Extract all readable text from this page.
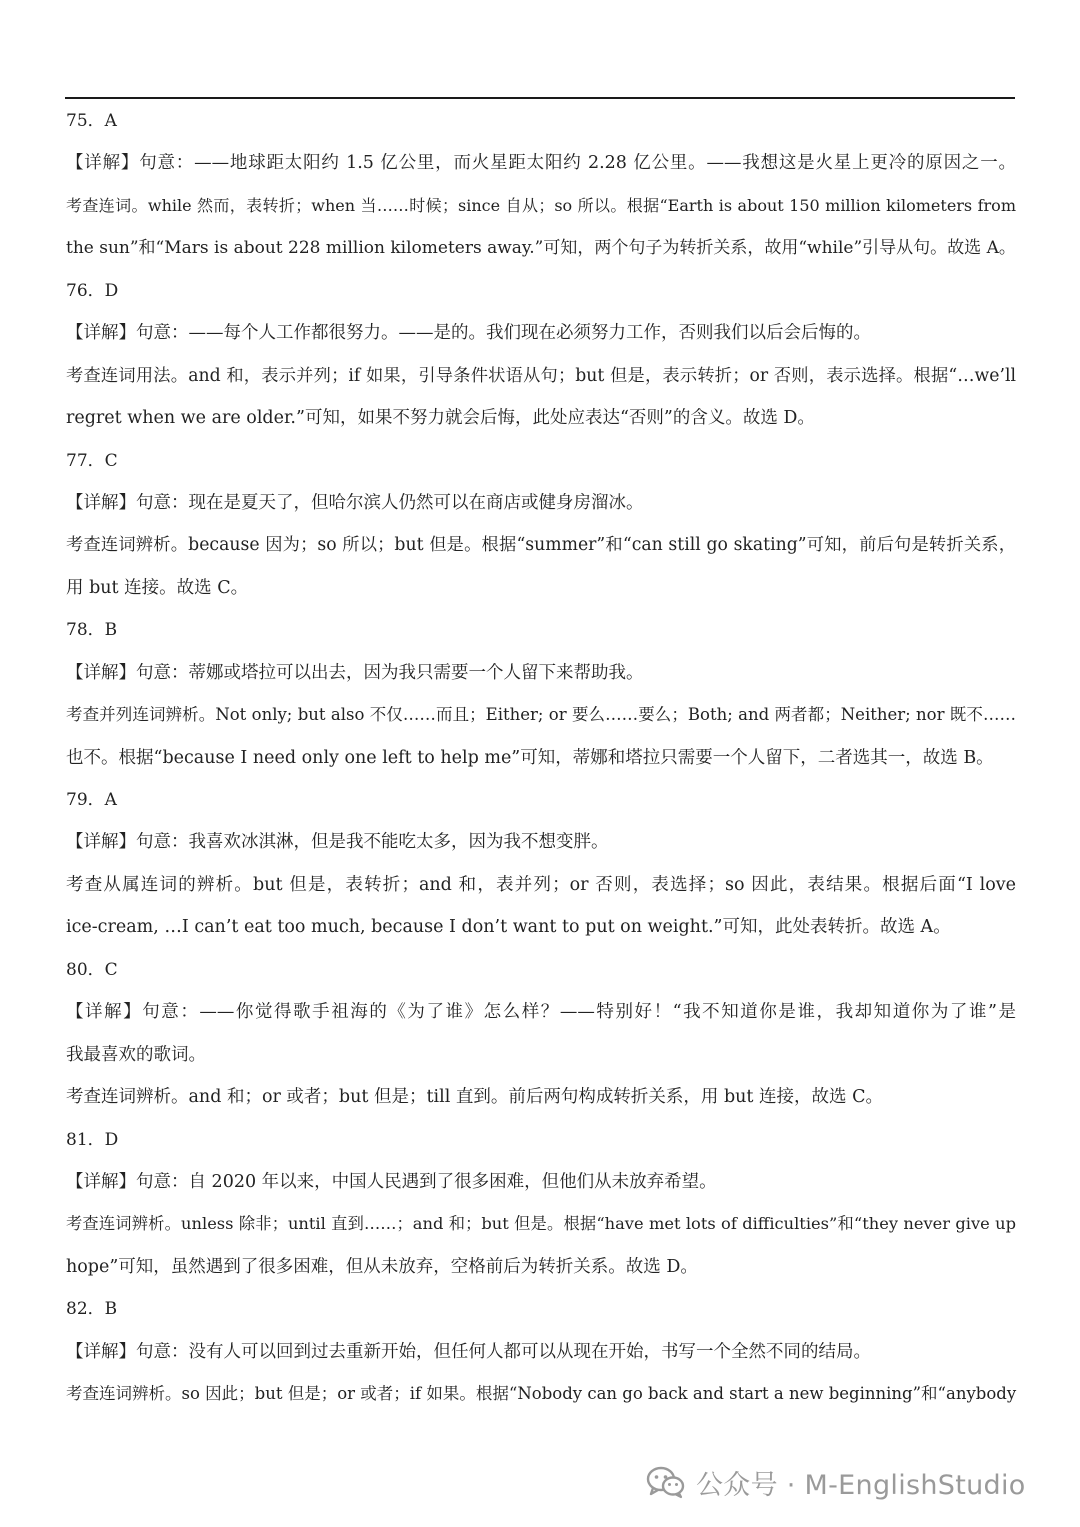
75．A
【详解】句意：——地球距太阳约 1.5 亿公里，而火星距太阳约 2.28 亿公里。——我想这是火星上更冷的原因之一。
考查连词。while 然而，表转折；when 当……时候；since 自从；so 所以。根据“Earth is about 150 million kilometers from
the sun”和“Mars is about 228 million kilometers away.”可知，两个句子为转折关系，故用“while”引导从句。故选 A。
76．D
【详解】句意：——每个人工作都很努力。——是的。我们现在必须努力工作，否则我们以后会后悔的。
考查连词用法。and 和，表示并列；if 如果，引导条件状语从句；but 但是，表示转折；or 否则，表示选择。根据“…we’ll
regret when we are older.”可知，如果不努力就会后悔，此处应表达“否则”的含义。故选 D。
77．C
【详解】句意：现在是夏天了，但哈尔滨人仍然可以在商店或健身房溜冰。
考查连词辨析。because 因为；so 所以；but 但是。根据“summer”和“can still go skating”可知，前后句是转折关系，
用 but 连接。故选 C。
78．B
【详解】句意：蒂娜或塔拉可以出去，因为我只需要一个人留下来帮助我。
考查并列连词辨析。Not only; but also 不仅……而且；Either; or 要么……要么；Both; and 两者都；Neither; nor 既不……
也不。根据“because I need only one left to help me”可知，蒂娜和塔拉只需要一个人留下，二者选其一，故选 B。
79．A
【详解】句意：我喜欢冰淇淋，但是我不能吃太多，因为我不想变胖。
考查从属连词的辨析。but 但是，表转折；and 和，表并列；or 否则，表选择；so 因此，表结果。根据后面“I love
ice-cream, …I can’t eat too much, because I don’t want to put on weight.”可知，此处表转折。故选 A。
80．C
【详解】句意：——你觉得歌手祖海的《为了谁》怎么样？——特别好！“我不知道你是谁，我却知道你为了谁”是
我最喜欢的歌词。
考查连词辨析。and 和；or 或者；but 但是；till 直到。前后两句构成转折关系，用 but 连接，故选 C。
81．D
【详解】句意：自 2020 年以来，中国人民遇到了很多困难，但他们从未放弃希望。
考查连词辨析。unless 除非；until 直到……；and 和；but 但是。根据“have met lots of difficulties”和“they never give up
hope”可知，虽然遇到了很多困难，但从未放弃，空格前后为转折关系。故选 D。
82．B
【详解】句意：没有人可以回到过去重新开始，但任何人都可以从现在开始，书写一个全然不同的结局。
考查连词辨析。so 因此；but 但是；or 或者；if 如果。根据“Nobody can go back and start a new beginning”和“anybody
公众号 · M-EnglishStudio
